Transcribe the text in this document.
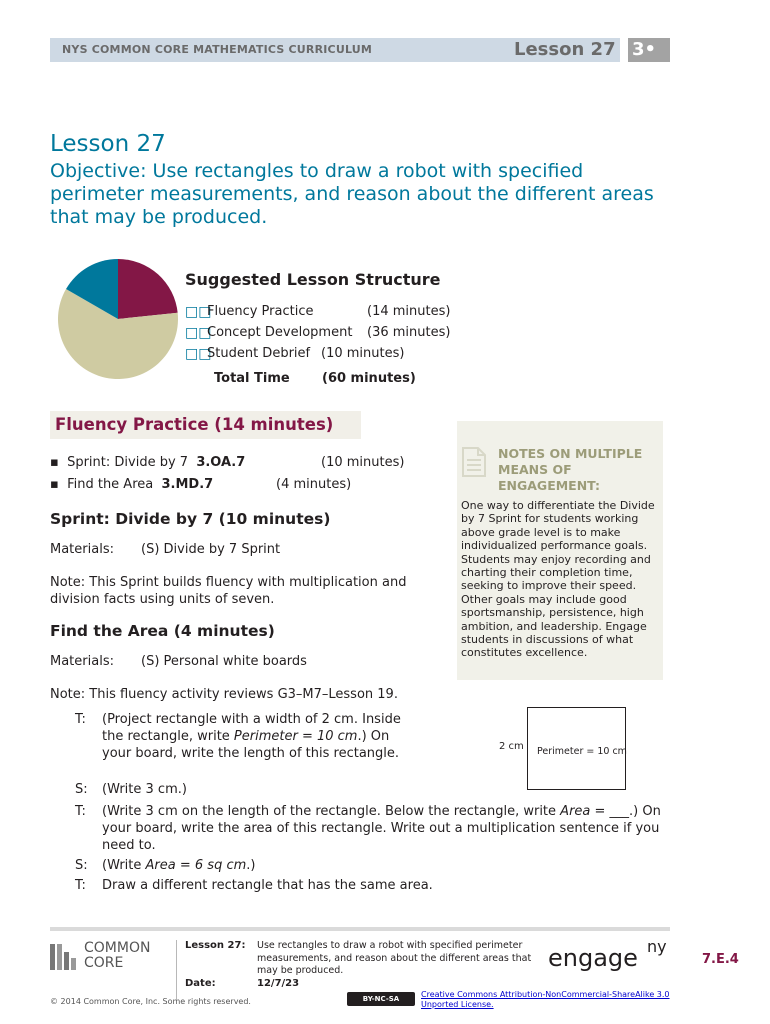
NYS COMMON CORE MATHEMATICS CURRICULUM	Lesson 27 3•
Lesson 27
Objective: Use rectangles to draw a robot with specified perimeter measurements, and reason about the different areas that may be produced.
Suggested Lesson Structure
□□
Fluency Practice	(14 minutes)
□□
Concept Development (36 minutes)
□□
Student Debrief (10 minutes)
Total Time (60 minutes)
Fluency Practice (14 minutes)
▪  Sprint: Divide by 7 3.OA.7	(10 minutes)
▪  Find the Area 3.MD.7	(4 minutes)
Sprint: Divide by 7 (10 minutes)
Materials: (S) Divide by 7 Sprint
Note: This Sprint builds fluency with multiplication and division facts using units of seven.
Find the Area (4 minutes)
Materials: (S) Personal white boards
Note: This fluency activity reviews G3–M7–Lesson 19.
NOTES ON MULTIPLE MEANS OF ENGAGEMENT:
One way to differentiate the Divide by 7 Sprint for students working above grade level is to make individualized performance goals. Students may enjoy recording and charting their completion time, seeking to improve their speed. Other goals may include good sportsmanship, persistence, high ambition, and leadership. Engage students in discussions of what constitutes excellence.
2 cm Perimeter = 10 cm
T:	(Project rectangle with a width of 2 cm. Inside the rectangle, write Perimeter = 10 cm.) On your board, write the length of this rectangle.
S:	(Write 3 cm.)
T:	(Write 3 cm on the length of the rectangle. Below the rectangle, write Area = ___.) On your board, write the area of this rectangle. Write out a multiplication sentence if you need to.
S:	(Write Area = 6 sq cm.)
T:	Draw a different rectangle that has the same area.
COMMON
CORE
Lesson 27: Use rectangles to draw a robot with specified perimeter measurements, and reason about the different areas that may be produced.
Date:	12/7/23
© 2014 Common Core, Inc. Some rights reserved.
engage ny
7.E.4
BY-NC-SA	Creative Commons Attribution-NonCommercial-ShareAlike 3.0 Unported License.
